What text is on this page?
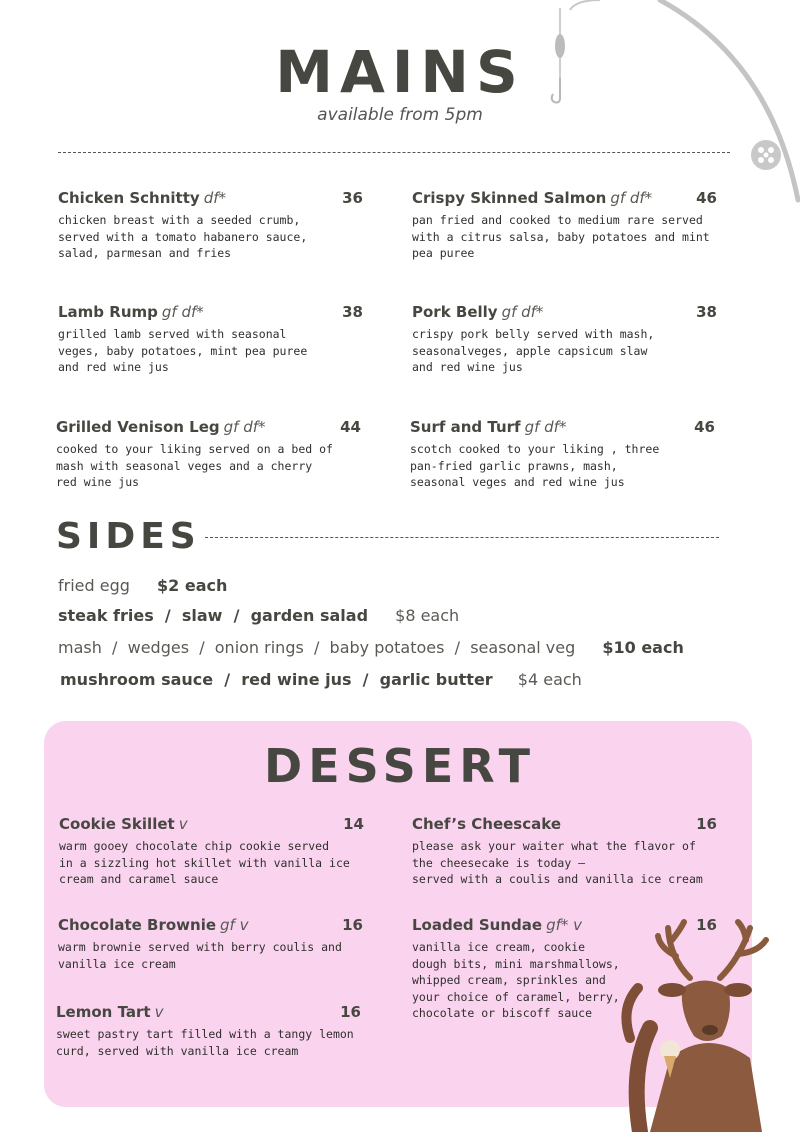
MAINS
available from 5pm
Chicken Schnitty df*	36
chicken breast with a seeded crumb,
served with a tomato habanero sauce,
salad, parmesan and fries
Crispy Skinned Salmon gf df*	46
pan fried and cooked to medium rare served
with a citrus salsa, baby potatoes and mint
pea puree
Lamb Rump gf df*	38
grilled lamb served with seasonal
veges, baby potatoes, mint pea puree
and red wine jus
Pork Belly gf df*	38
crispy pork belly served with mash,
seasonalveges, apple capsicum slaw
and red wine jus
Grilled Venison Leg gf df*	44
cooked to your liking served on a bed of
mash with seasonal veges and a cherry
red wine jus
Surf and Turf gf df*	46
scotch cooked to your liking , three
pan-fried garlic prawns, mash,
seasonal veges and red wine jus
SIDES
fried egg $2 each
steak fries  /  slaw  /  garden salad $8 each
mash  /  wedges  /  onion rings  /  baby potatoes  /  seasonal veg $10 each
mushroom sauce  /  red wine jus  /  garlic butter $4 each
DESSERT
Cookie Skillet v	14
warm gooey chocolate chip cookie served
in a sizzling hot skillet with vanilla ice
cream and caramel sauce
Chef’s Cheescake	16
please ask your waiter what the flavor of
the cheesecake is today —
served with a coulis and vanilla ice cream
Chocolate Brownie gf v	16
warm brownie served with berry coulis and
vanilla ice cream
Loaded Sundae gf* v	16
vanilla ice cream, cookie
dough bits, mini marshmallows,
whipped cream, sprinkles and
your choice of caramel, berry,
chocolate or biscoff sauce
Lemon Tart v	16
sweet pastry tart filled with a tangy lemon
curd, served with vanilla ice cream
